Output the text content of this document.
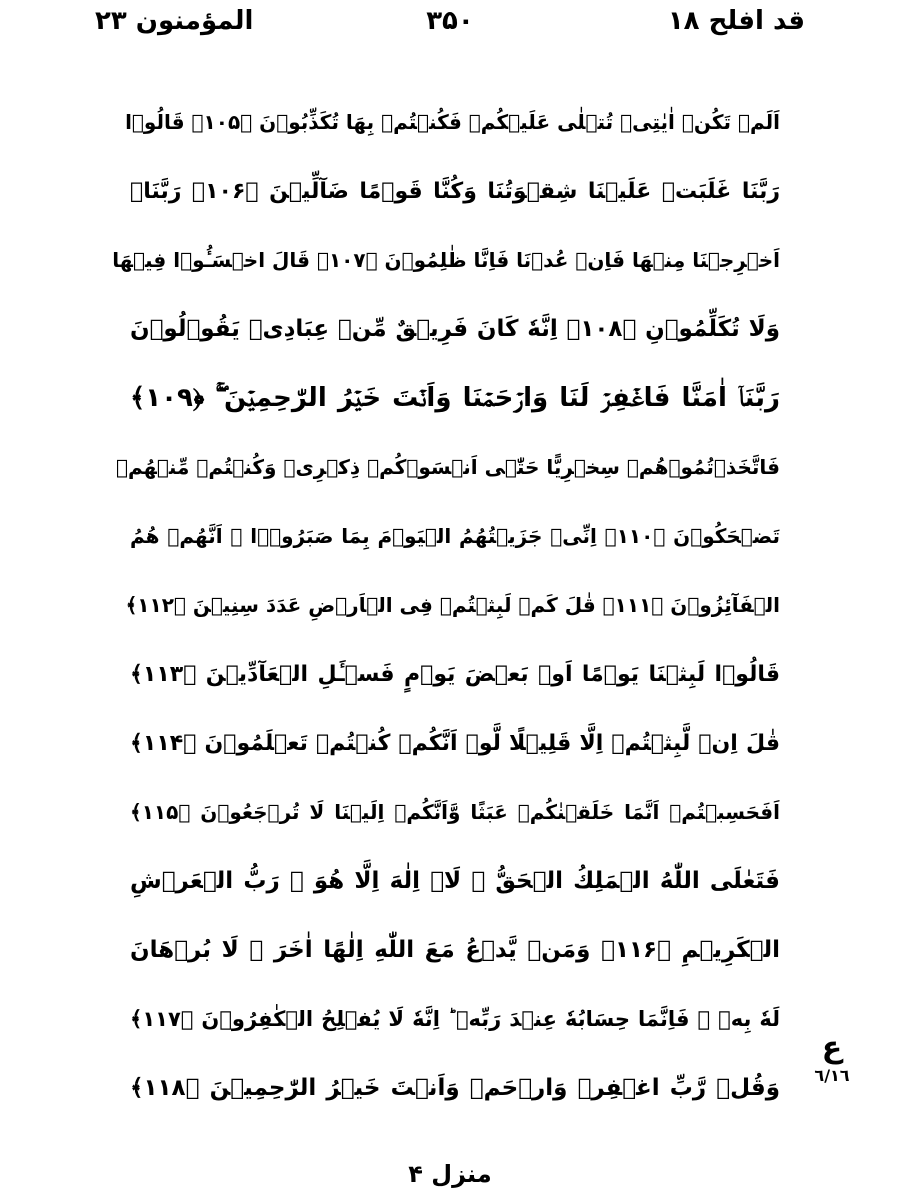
قد افلح ۱۸
۳۵۰
المؤمنون ۲۳
اَلَمۡ تَكُنۡ اٰيٰتِیۡ تُتۡلٰی عَلَیۡكُمۡ فَكُنۡتُمۡ بِهَا تُكَذِّبُوۡنَ ﴿۱۰۵﴾ قَالُوۡا
رَبَّنَا غَلَبَتۡ عَلَیۡنَا شِقۡوَتُنَا وَكُنَّا قَوۡمًا ضَآلِّیۡنَ ﴿۱۰۶﴾ رَبَّنَاۤ
اَخۡرِجۡنَا مِنۡهَا فَاِنۡ عُدۡنَا فَاِنَّا ظٰلِمُوۡنَ ﴿۱۰۷﴾ قَالَ اخۡسَـُٔوۡا فِیۡهَا
وَلَا تُكَلِّمُوۡنِ ﴿۱۰۸﴾ اِنَّهٗ كَانَ فَرِیۡقٌ مِّنۡ عِبَادِیۡ یَقُوۡلُوۡنَ
رَبَّنَاۤ اٰمَنَّا فَاغۡفِرۡ لَنَا وَارۡحَمۡنَا وَاَنۡتَ خَیۡرُ الرّٰحِمِیۡنَ ۚۖ ﴿۱۰۹﴾
فَاتَّخَذۡتُمُوۡهُمۡ سِخۡرِیًّا حَتّٰۤی اَنۡسَوۡكُمۡ ذِكۡرِیۡ وَكُنۡتُمۡ مِّنۡهُمۡ
تَضۡحَكُوۡنَ ﴿۱۱۰﴾ اِنِّیۡ جَزَیۡتُهُمُ الۡیَوۡمَ بِمَا صَبَرُوۡۤا ۙ اَنَّهُمۡ هُمُ
الۡفَآئِزُوۡنَ ﴿۱۱۱﴾ قٰلَ كَمۡ لَبِثۡتُمۡ فِی الۡاَرۡضِ عَدَدَ سِنِیۡنَ ﴿۱۱۲﴾
قَالُوۡا لَبِثۡنَا یَوۡمًا اَوۡ بَعۡضَ یَوۡمٍ فَسۡـَٔلِ الۡعَآدِّیۡنَ ﴿۱۱۳﴾
قٰلَ اِنۡ لَّبِثۡتُمۡ اِلَّا قَلِیۡلًا لَّوۡ اَنَّكُمۡ كُنۡتُمۡ تَعۡلَمُوۡنَ ﴿۱۱۴﴾
اَفَحَسِبۡتُمۡ اَنَّمَا خَلَقۡنٰكُمۡ عَبَثًا وَّاَنَّكُمۡ اِلَیۡنَا لَا تُرۡجَعُوۡنَ ﴿۱۱۵﴾
فَتَعٰلَی اللّٰهُ الۡمَلِكُ الۡحَقُّ ۚ لَاۤ اِلٰهَ اِلَّا هُوَ ۚ رَبُّ الۡعَرۡشِ
الۡكَرِیۡمِ ﴿۱۱۶﴾ وَمَنۡ یَّدۡعُ مَعَ اللّٰهِ اِلٰهًا اٰخَرَ ۙ لَا بُرۡهَانَ
لَهٗ بِهٖ ۙ فَاِنَّمَا حِسَابُهٗ عِنۡدَ رَبِّهٖ ؕ اِنَّهٗ لَا یُفۡلِحُ الۡكٰفِرُوۡنَ ﴿۱۱۷﴾
وَقُلۡ رَّبِّ اغۡفِرۡ وَارۡحَمۡ وَاَنۡتَ خَیۡرُ الرّٰحِمِیۡنَ ﴿۱۱۸﴾
ع
٦/١٦
منزل ۴
